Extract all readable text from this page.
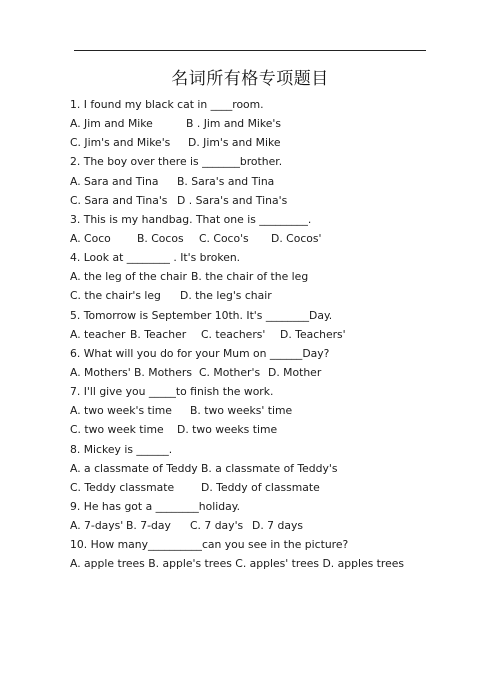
名词所有格专项题目
1. I found my black cat in ____room.
A. Jim and Mike	B . Jim and Mike's
C. Jim's and Mike's D. Jim's and Mike
2. The boy over there is _______brother.
A. Sara and Tina B. Sara's and Tina
C. Sara and Tina's D . Sara's and Tina's
3. This is my handbag. That one is _________.
A. Coco B. Cocos C. Coco's D. Cocos'
4. Look at ________ . It's broken.
A. the leg of the chair B. the chair of the leg
C. the chair's leg D. the leg's chair
5. Tomorrow is September 10th. It's ________Day.
A. teacher B. Teacher C. teachers' D. Teachers'
6. What will you do for your Mum on ______Day?
A. Mothers' B. Mothers C. Mother's D. Mother
7. I'll give you _____to finish the work.
A. two week's time B. two weeks' time
C. two week time D. two weeks time
8. Mickey is ______.
A. a classmate of Teddy B. a classmate of Teddy's
C. Teddy classmate D. Teddy of classmate
9. He has got a ________holiday.
A. 7-days' B. 7-day C. 7 day's D. 7 days
10. How many__________can you see in the picture?
A. apple trees B. apple's trees C. apples' trees D. apples trees
